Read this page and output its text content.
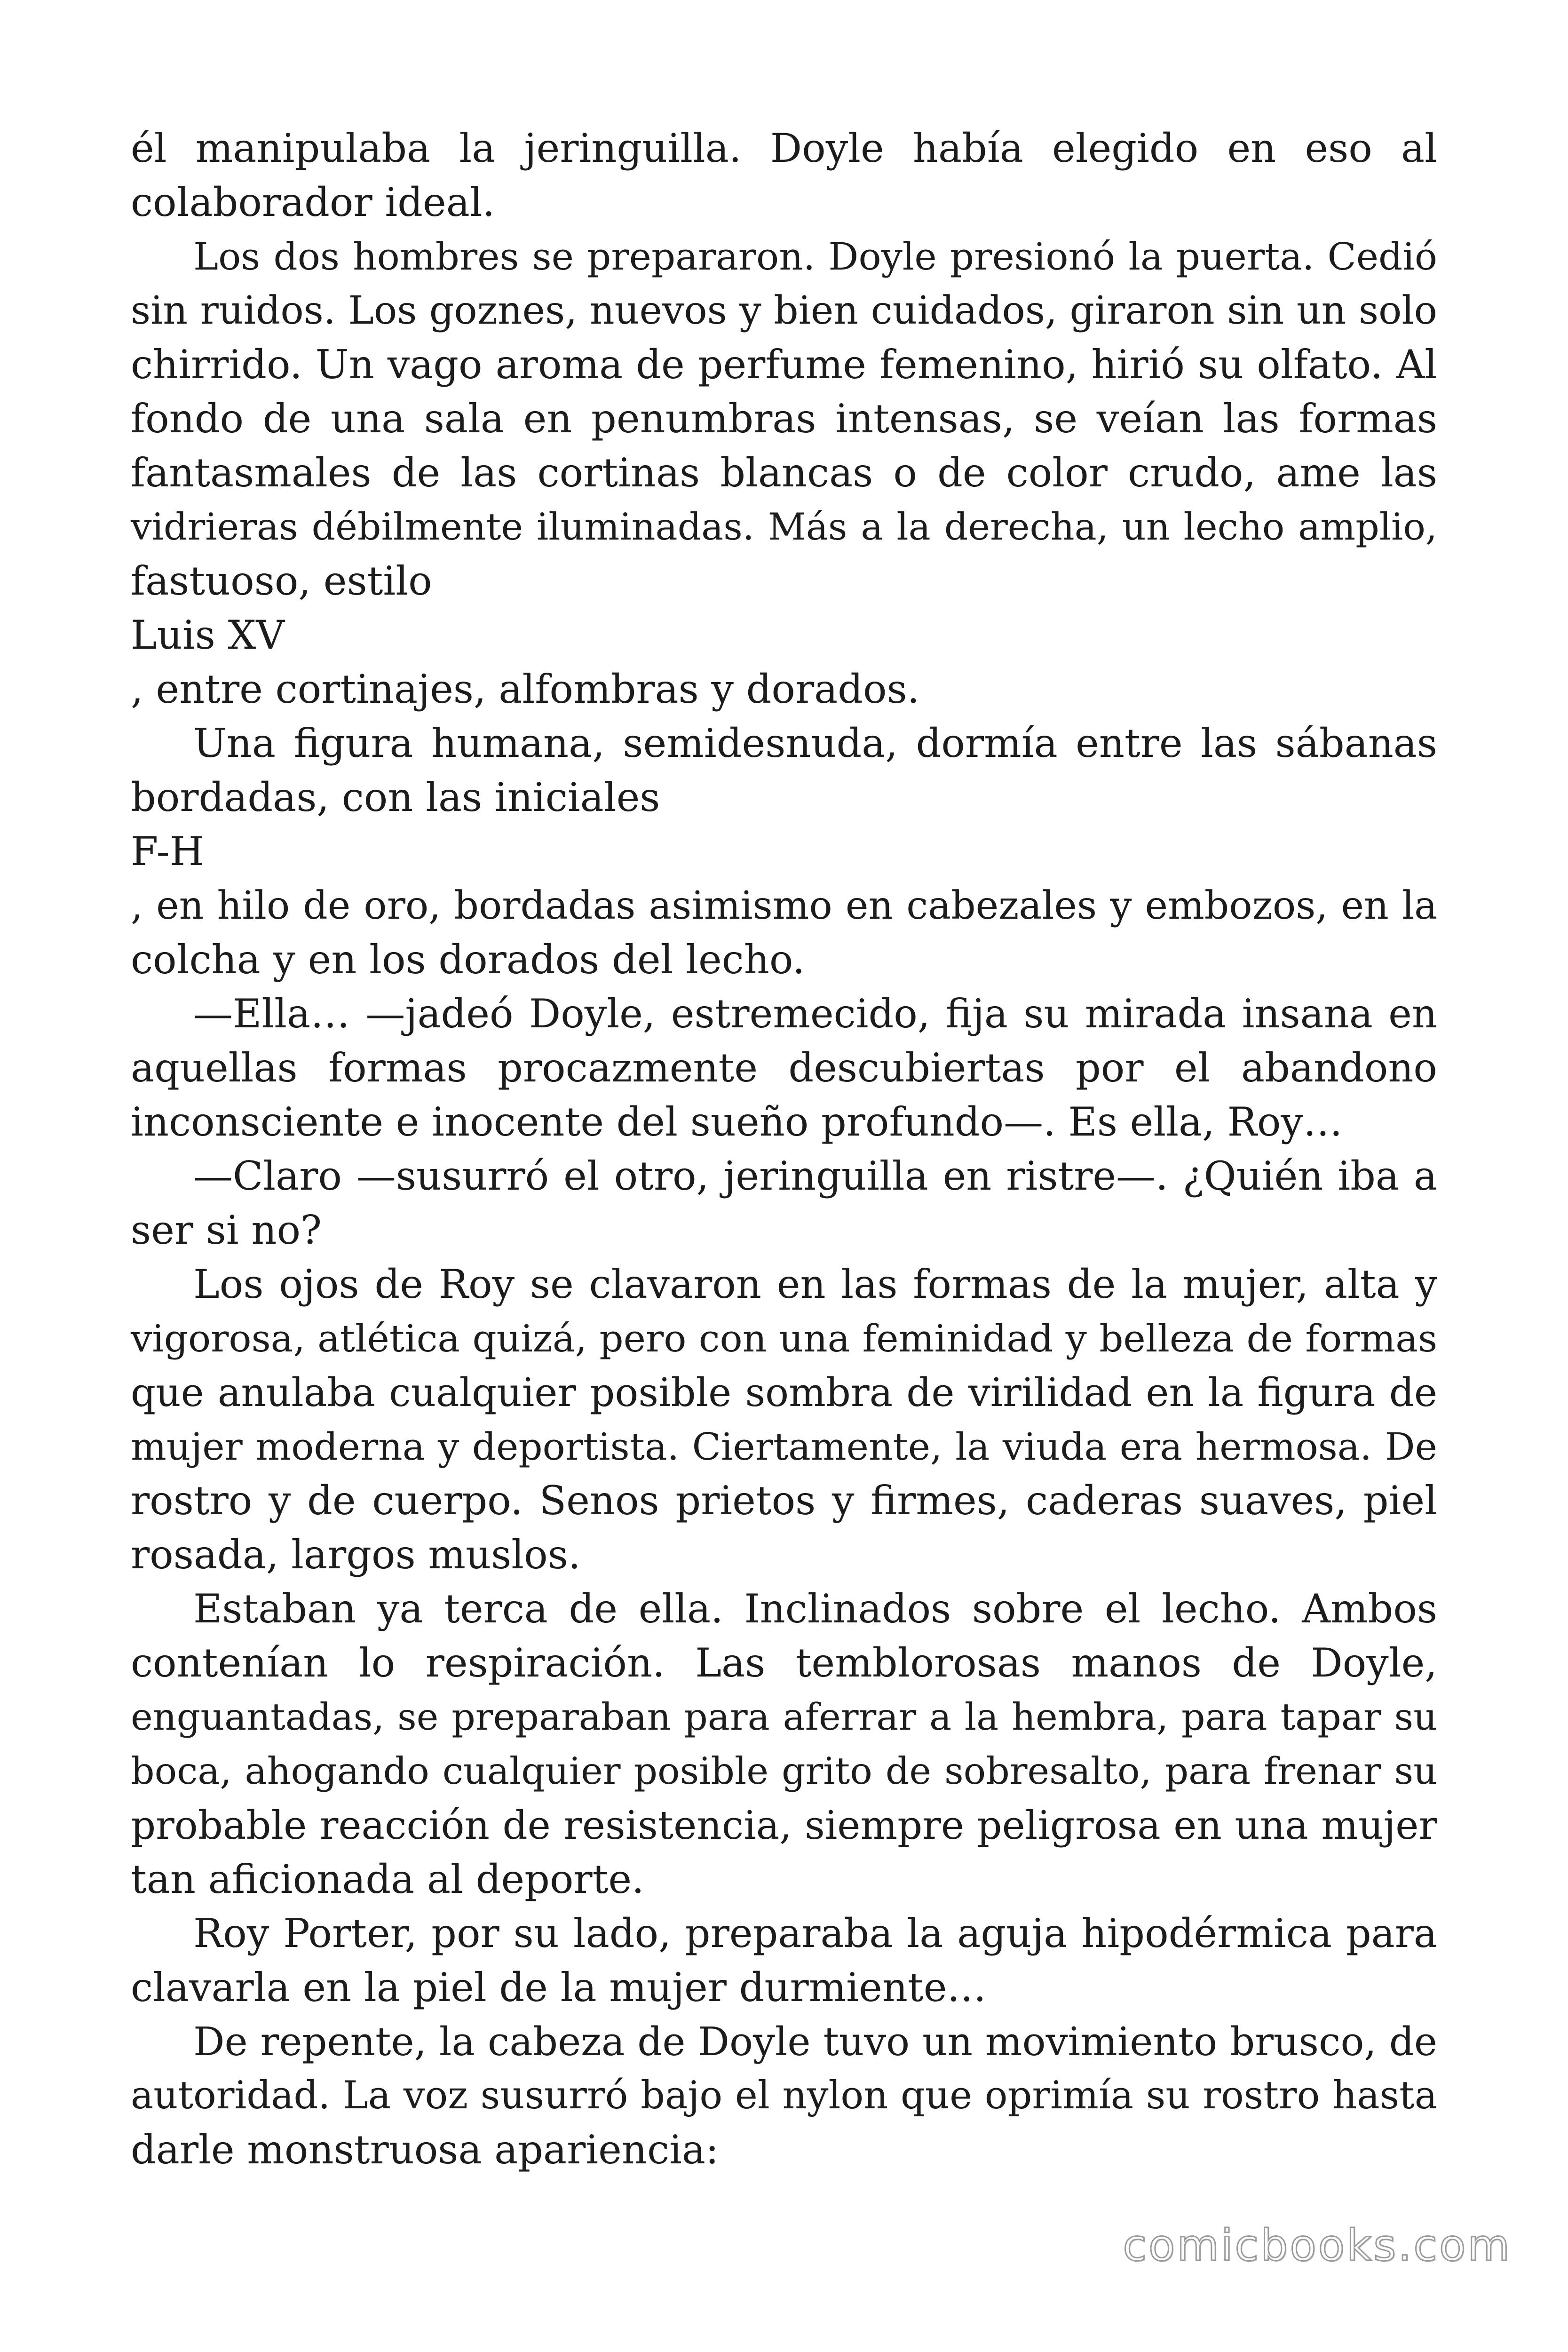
él manipulaba la jeringuilla. Doyle había elegido en eso al
colaborador ideal.
Los dos hombres se prepararon. Doyle presionó la puerta. Cedió
sin ruidos. Los goznes, nuevos y bien cuidados, giraron sin un solo
chirrido. Un vago aroma de perfume femenino, hirió su olfato. Al
fondo de una sala en penumbras intensas, se veían las formas
fantasmales de las cortinas blancas o de color crudo, ame las
vidrieras débilmente iluminadas. Más a la derecha, un lecho amplio,
fastuoso, estilo
Luis XV
, entre cortinajes, alfombras y dorados.
Una figura humana, semidesnuda, dormía entre las sábanas
bordadas, con las iniciales
F-H
, en hilo de oro, bordadas asimismo en cabezales y embozos, en la
colcha y en los dorados del lecho.
—Ella… —jadeó Doyle, estremecido, fija su mirada insana en
aquellas formas procazmente descubiertas por el abandono
inconsciente e inocente del sueño profundo—. Es ella, Roy…
—Claro —susurró el otro, jeringuilla en ristre—. ¿Quién iba a
ser si no?
Los ojos de Roy se clavaron en las formas de la mujer, alta y
vigorosa, atlética quizá, pero con una feminidad y belleza de formas
que anulaba cualquier posible sombra de virilidad en la figura de
mujer moderna y deportista. Ciertamente, la viuda era hermosa. De
rostro y de cuerpo. Senos prietos y firmes, caderas suaves, piel
rosada, largos muslos.
Estaban ya terca de ella. Inclinados sobre el lecho. Ambos
contenían lo respiración. Las temblorosas manos de Doyle,
enguantadas, se preparaban para aferrar a la hembra, para tapar su
boca, ahogando cualquier posible grito de sobresalto, para frenar su
probable reacción de resistencia, siempre peligrosa en una mujer
tan aficionada al deporte.
Roy Porter, por su lado, preparaba la aguja hipodérmica para
clavarla en la piel de la mujer durmiente…
De repente, la cabeza de Doyle tuvo un movimiento brusco, de
autoridad. La voz susurró bajo el nylon que oprimía su rostro hasta
darle monstruosa apariencia:
comicbooks.com
